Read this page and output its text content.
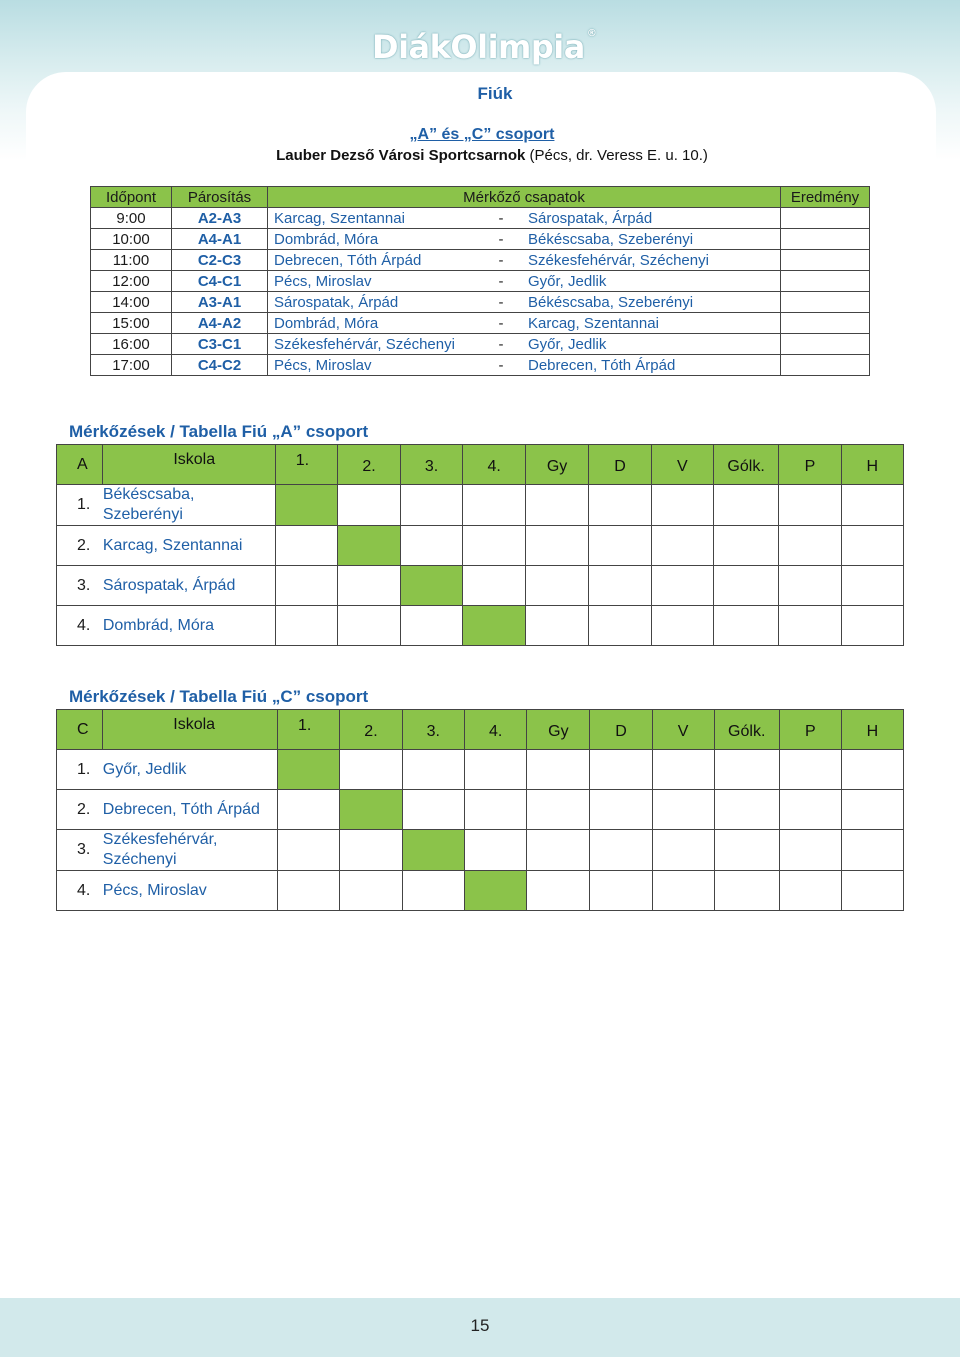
DiákOlimpia ®
Fiúk
„A” és „C” csoport
Lauber Dezső Városi Sportcsarnok (Pécs, dr. Veress E. u. 10.)
Időpont	Párosítás	Mérkőző csapatok	Eredmény
9:00	A2-A3	Karcag, Szentannai - Sárospatak, Árpád	

10:00	A4-A1	Dombrád, Móra - Békéscsaba, Szeberényi	

11:00	C2-C3	Debrecen, Tóth Árpád - Székesfehérvár, Széchenyi	

12:00	C4-C1	Pécs, Miroslav - Győr, Jedlik	

14:00	A3-A1	Sárospatak, Árpád - Békéscsaba, Szeberényi	

15:00	A4-A2	Dombrád, Móra - Karcag, Szentannai	

16:00	C3-C1	Székesfehérvár, Széchenyi - Győr, Jedlik	

17:00	C4-C2	Pécs, Miroslav - Debrecen, Tóth Árpád	

Mérkőzések / Tabella Fiú „A” csoport
A	Iskola	1.	2.	3.	4.	Gy	D	V	Gólk.	P	H
1.	Békéscsaba, Szeberényi										
2.	Karcag, Szentannai										
3.	Sárospatak, Árpád										
4.	Dombrád, Móra										
Mérkőzések / Tabella Fiú „C” csoport
C	Iskola	1.	2.	3.	4.	Gy	D	V	Gólk.	P	H
1.	Győr, Jedlik										
2.	Debrecen, Tóth Árpád										
3.	Székesfehérvár, Széchenyi										
4.	Pécs, Miroslav										
15
